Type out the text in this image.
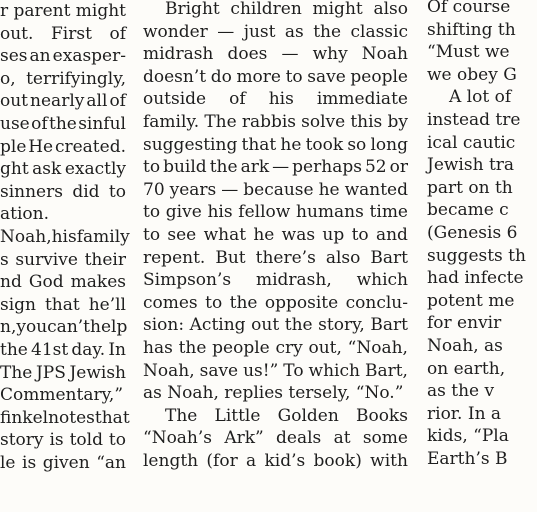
r parent might
out. First of
ses an exasper-
o, terrifyingly,
out nearly all of
use of the sinful
ple He created.
ght ask exactly
sinners did to
ation.
Noah, his family
s survive their
nd God makes
sign that he’ll
n, you can’t help
the 41st day. In
The JPS Jewish
Commentary,”
finkel notes that
story is told to
le is given “an
Bright children might also
wonder — just as the classic
midrash does — why Noah
doesn’t do more to save people
outside of his immediate
family. The rabbis solve this by
suggesting that he took so long
to build the ark — perhaps 52 or
70 years — because he wanted
to give his fellow humans time
to see what he was up to and
repent. But there’s also Bart
Simpson’s midrash, which
comes to the opposite conclu-
sion: Acting out the story, Bart
has the people cry out, “Noah,
Noah, save us!” To which Bart,
as Noah, replies tersely, “No.”
The Little Golden Books
“Noah’s Ark” deals at some
length (for a kid’s book) with
Of course
shifting th
“Must we
we obey G
A lot of
instead tre
ical cautic
Jewish tra
part on th
became c
(Genesis 6
suggests th
had infecte
potent me
for envir
Noah, as
on earth,
as the v
rior. In a
kids, “Pla
Earth’s B
